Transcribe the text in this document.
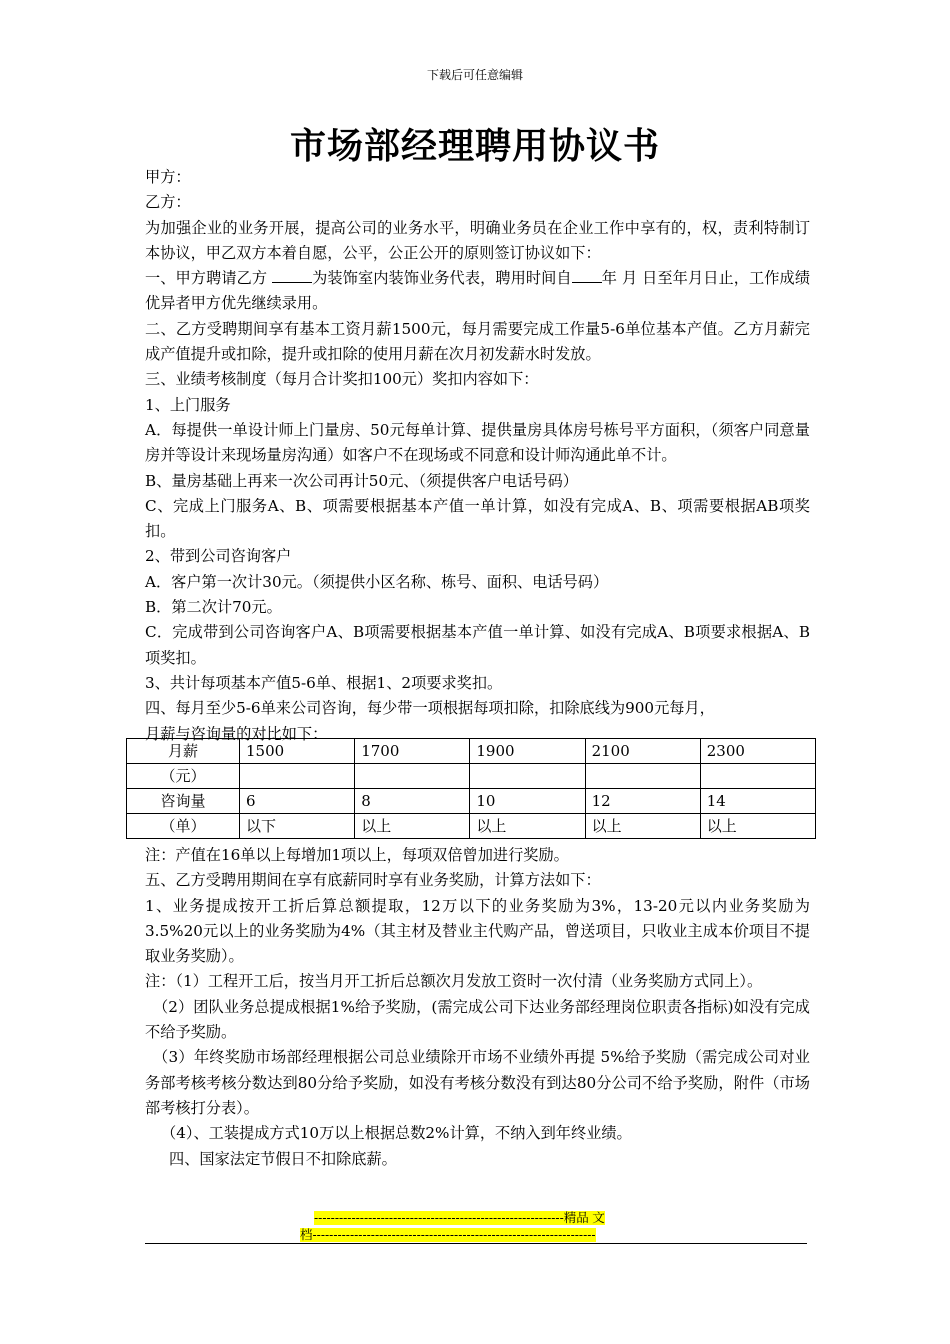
下载后可任意编辑
市场部经理聘用协议书

甲方：

乙方：

为加强企业的业务开展，提高公司的业务水平，明确业务员在企业工作中享有的，权，责利特制订本协议，甲乙双方本着自愿，公平，公正公开的原则签订协议如下：

一、甲方聘请乙方	为装饰室内装饰业务代表，聘用时间自 年 月 日至年月日止，工作成绩优异者甲方优先继续录用。

二、乙方受聘期间享有基本工资月薪1500元，每月需要完成工作量5-6单位基本产值。乙方月薪完成产值提升或扣除，提升或扣除的使用月薪在次月初发薪水时发放。

三、业绩考核制度（每月合计奖扣100元）奖扣内容如下：

1、上门服务

A．每提供一单设计师上门量房、50元每单计算、提供量房具体房号栋号平方面积，（须客户同意量房并等设计来现场量房沟通）如客户不在现场或不同意和设计师沟通此单不计。

B、量房基础上再来一次公司再计50元、（须提供客户电话号码）

C、完成上门服务A、B、项需要根据基本产值一单计算，如没有完成A、B、项需要根据AB项奖扣。

2、带到公司咨询客户

A．客户第一次计30元。（须提供小区名称、栋号、面积、电话号码）

B．第二次计70元。

C．完成带到公司咨询客户A、B项需要根据基本产值一单计算、如没有完成A、B项要求根据A、B项奖扣。

3、共计每项基本产值5-6单、根据1、2项要求奖扣。

四、每月至少5-6单来公司咨询，每少带一项根据每项扣除，扣除底线为900元每月，

月薪与咨询量的对比如下：

月薪	1500	1700	1900	2100	2300
（元）					
咨询量	6	8	10	12	14
（单）	以下	以上	以上	以上	以上

注：产值在16单以上每增加1项以上，每项双倍曾加进行奖励。

五、乙方受聘用期间在享有底薪同时享有业务奖励，计算方法如下：

1、业务提成按开工折后算总额提取，12万以下的业务奖励为3%，13-20元以内业务奖励为3.5%20元以上的业务奖励为4%（其主材及替业主代购产品，曾送项目，只收业主成本价项目不提取业务奖励）。

注：（1）工程开工后，按当月开工折后总额次月发放工资时一次付清（业务奖励方式同上）。

（2）团队业务总提成根据1%给予奖励，(需完成公司下达业务部经理岗位职责各指标)如没有完成不给予奖励。

（3）年终奖励市场部经理根据公司总业绩除开市场不业绩外再提 5%给予奖励（需完成公司对业务部考核考核分数达到80分给予奖励，如没有考核分数没有到达80分公司不给予奖励，附件（市场部考核打分表）。

（4）、工装提成方式10万以上根据总数2%计算，不纳入到年终业绩。

四、国家法定节假日不扣除底薪。

------------------------------------------------------------精品 文
档--------------------------------------------------------------------
